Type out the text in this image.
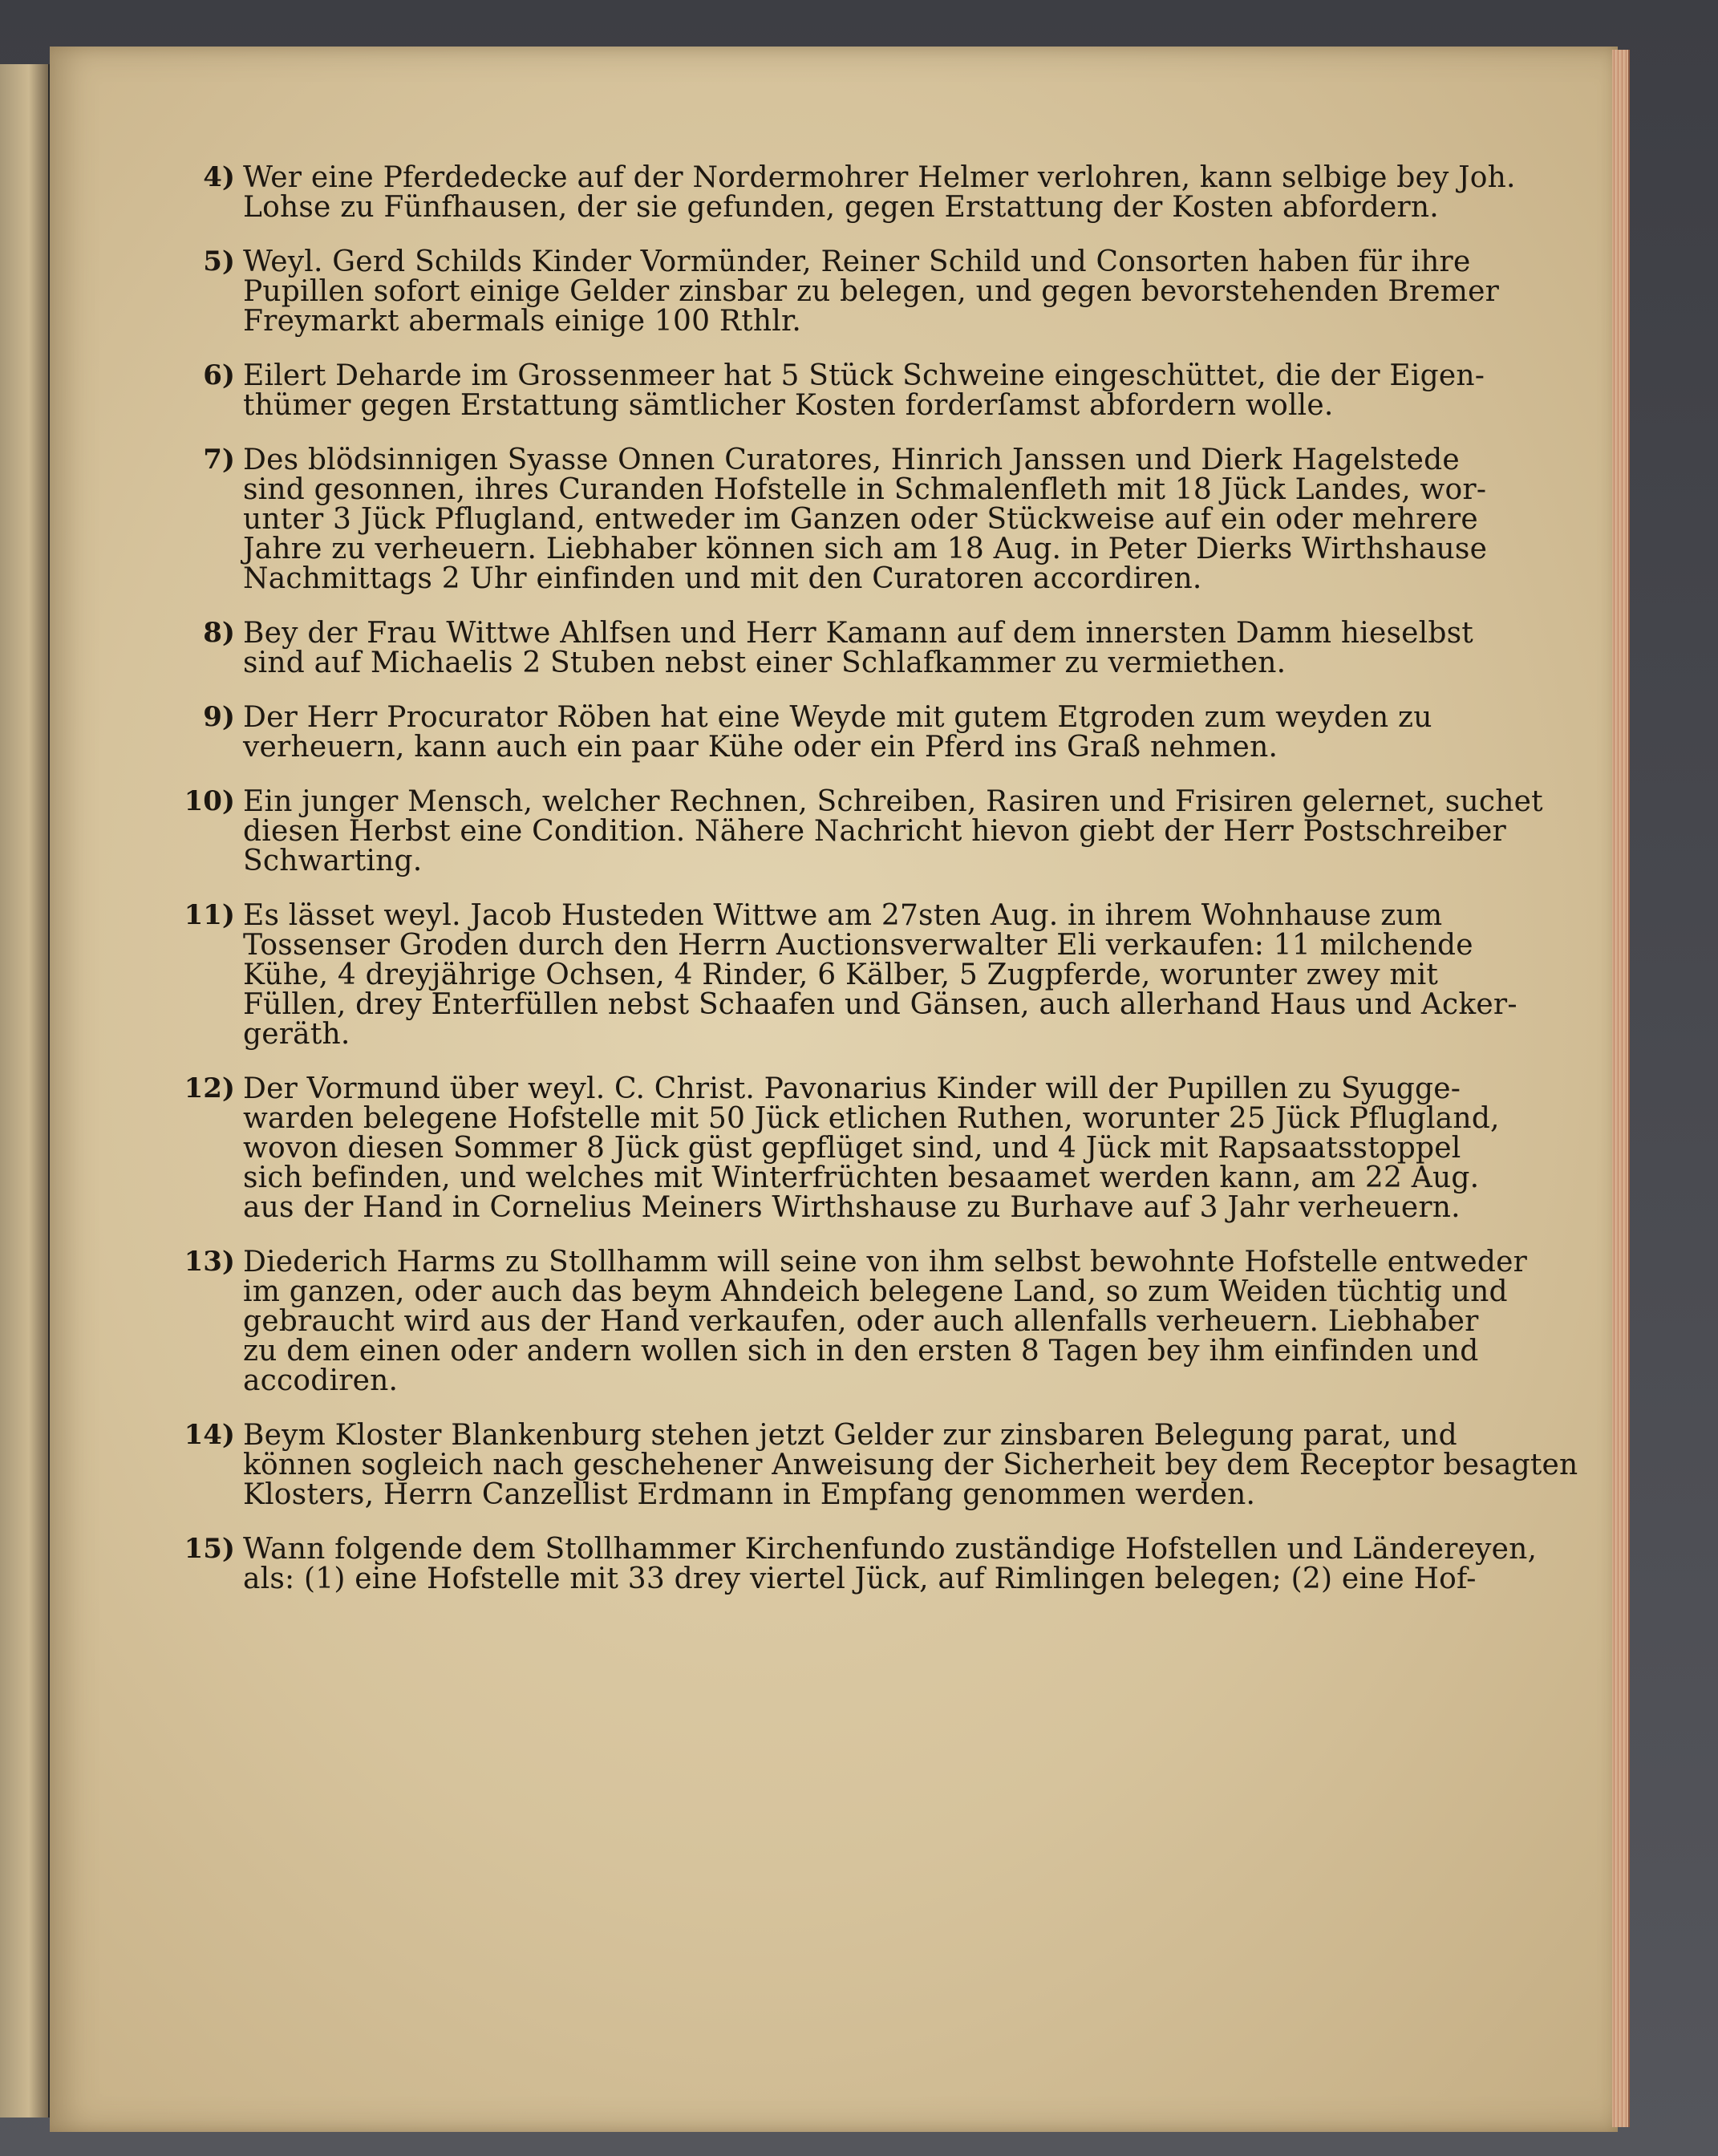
4) Wer eine Pferdedecke auf der Nordermohrer Helmer verlohren, kann selbige bey Joh.
Lohse zu Fünfhausen, der sie gefunden, gegen Erstattung der Kosten abfordern.
5) Weyl. Gerd Schilds Kinder Vormünder, Reiner Schild und Consorten haben für ihre
Pupillen sofort einige Gelder zinsbar zu belegen, und gegen bevorstehenden Bremer
Freymarkt abermals einige 100 Rthlr.
6) Eilert Deharde im Grossenmeer hat 5 Stück Schweine eingeschüttet, die der Eigen-
thümer gegen Erstattung sämtlicher Kosten forderſamst abfordern wolle.
7) Des blödsinnigen Syasse Onnen Curatores, Hinrich Janssen und Dierk Hagelstede
sind gesonnen, ihres Curanden Hofstelle in Schmalenfleth mit 18 Jück Landes, wor-
unter 3 Jück Pflugland, entweder im Ganzen oder Stückweise auf ein oder mehrere
Jahre zu verheuern. Liebhaber können sich am 18 Aug. in Peter Dierks Wirthshause
Nachmittags 2 Uhr einfinden und mit den Curatoren accordiren.
8) Bey der Frau Wittwe Ahlfsen und Herr Kamann auf dem innersten Damm hieselbst
sind auf Michaelis 2 Stuben nebst einer Schlafkammer zu vermiethen.
9) Der Herr Procurator Röben hat eine Weyde mit gutem Etgroden zum weyden zu
verheuern, kann auch ein paar Kühe oder ein Pferd ins Graß nehmen.
10) Ein junger Mensch, welcher Rechnen, Schreiben, Rasiren und Frisiren gelernet, suchet
diesen Herbst eine Condition. Nähere Nachricht hievon giebt der Herr Postschreiber
Schwarting.
11) Es lässet weyl. Jacob Husteden Wittwe am 27sten Aug. in ihrem Wohnhause zum
Tossenser Groden durch den Herrn Auctionsverwalter Eli verkaufen: 11 milchende
Kühe, 4 dreyjährige Ochsen, 4 Rinder, 6 Kälber, 5 Zugpferde, worunter zwey mit
Füllen, drey Enterfüllen nebst Schaafen und Gänsen, auch allerhand Haus und Acker-
geräth.
12) Der Vormund über weyl. C. Christ. Pavonarius Kinder will der Pupillen zu Syugge-
warden belegene Hofstelle mit 50 Jück etlichen Ruthen, worunter 25 Jück Pflugland,
wovon diesen Sommer 8 Jück güst gepflüget sind, und 4 Jück mit Rapsaatsstoppel
sich befinden, und welches mit Winterfrüchten besaamet werden kann, am 22 Aug.
aus der Hand in Cornelius Meiners Wirthshause zu Burhave auf 3 Jahr verheuern.
13) Diederich Harms zu Stollhamm will seine von ihm selbst bewohnte Hofstelle entweder
im ganzen, oder auch das beym Ahndeich belegene Land, so zum Weiden tüchtig und
gebraucht wird aus der Hand verkaufen, oder auch allenfalls verheuern. Liebhaber
zu dem einen oder andern wollen sich in den ersten 8 Tagen bey ihm einfinden und
accodiren.
14) Beym Kloster Blankenburg stehen jetzt Gelder zur zinsbaren Belegung parat, und
können sogleich nach geschehener Anweisung der Sicherheit bey dem Receptor besagten
Klosters, Herrn Canzellist Erdmann in Empfang genommen werden.
15) Wann folgende dem Stollhammer Kirchenfundo zuständige Hofstellen und Ländereyen,
als: (1) eine Hofstelle mit 33 drey viertel Jück, auf Rimlingen belegen; (2) eine Hof-
